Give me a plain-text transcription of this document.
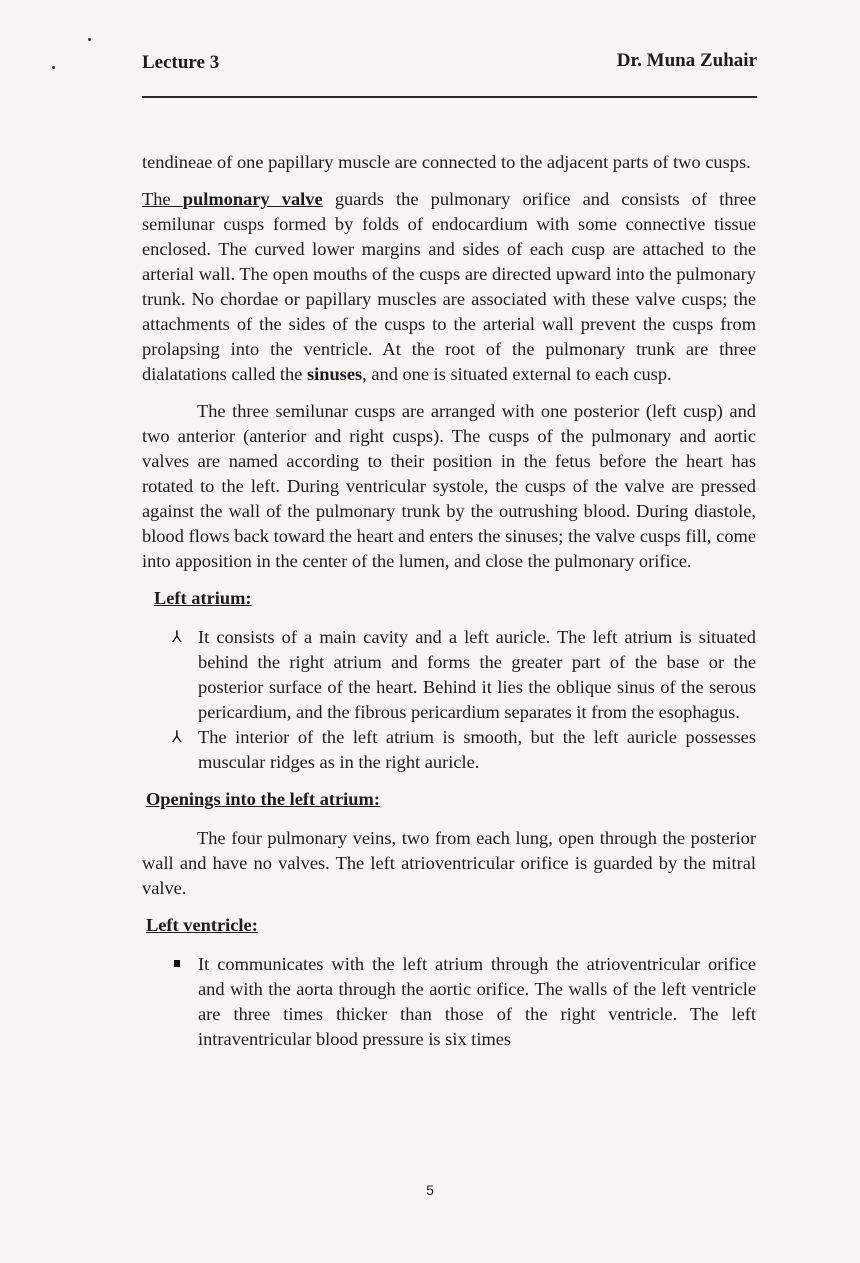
Lecture 3	Dr. Muna Zuhair

tendineae of one papillary muscle are connected to the adjacent parts of two cusps.

The pulmonary valve guards the pulmonary orifice and consists of three semilunar cusps formed by folds of endocardium with some connective tissue enclosed. The curved lower margins and sides of each cusp are attached to the arterial wall. The open mouths of the cusps are directed upward into the pulmonary trunk. No chordae or papillary muscles are associated with these valve cusps; the attachments of the sides of the cusps to the arterial wall prevent the cusps from prolapsing into the ventricle. At the root of the pulmonary trunk are three dialatations called the sinuses, and one is situated external to each cusp.

The three semilunar cusps are arranged with one posterior (left cusp) and two anterior (anterior and right cusps). The cusps of the pulmonary and aortic valves are named according to their position in the fetus before the heart has rotated to the left. During ventricular systole, the cusps of the valve are pressed against the wall of the pulmonary trunk by the outrushing blood. During diastole, blood flows back toward the heart and enters the sinuses; the valve cusps fill, come into apposition in the center of the lumen, and close the pulmonary orifice.

Left atrium:
⅄ It consists of a main cavity and a left auricle. The left atrium is situated behind the right atrium and forms the greater part of the base or the posterior surface of the heart. Behind it lies the oblique sinus of the serous pericardium, and the fibrous pericardium separates it from the esophagus.
⅄ The interior of the left atrium is smooth, but the left auricle possesses muscular ridges as in the right auricle.
Openings into the left atrium:

The four pulmonary veins, two from each lung, open through the posterior wall and have no valves. The left atrioventricular orifice is guarded by the mitral valve.

Left ventricle:
It communicates with the left atrium through the atrioventricular orifice and with the aorta through the aortic orifice. The walls of the left ventricle are three times thicker than those of the right ventricle. The left intraventricular blood pressure is six times
5
